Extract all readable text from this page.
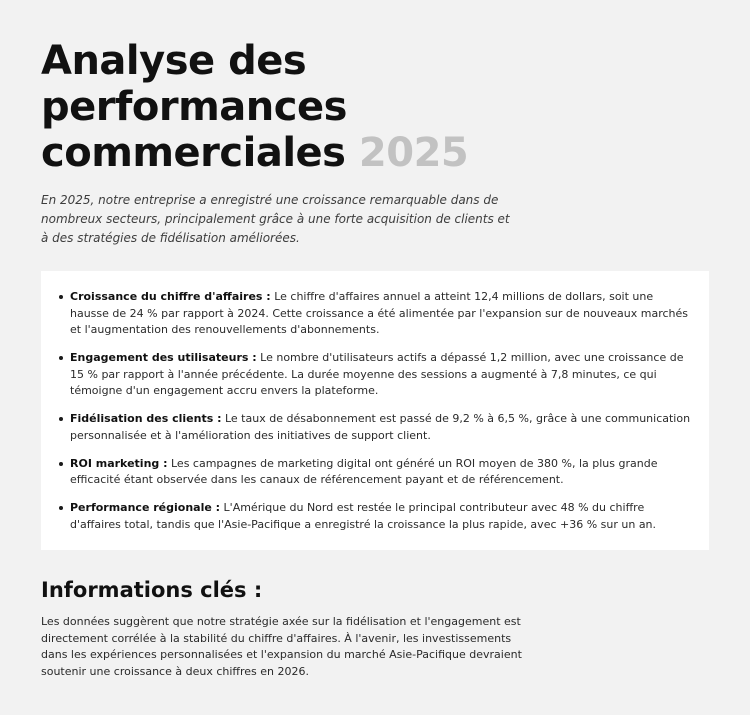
Analyse des performances commerciales 2025

En 2025, notre entreprise a enregistré une croissance remarquable dans de nombreux secteurs, principalement grâce à une forte acquisition de clients et à des stratégies de fidélisation améliorées.

Croissance du chiffre d'affaires : Le chiffre d'affaires annuel a atteint 12,4 millions de dollars, soit une hausse de 24 % par rapport à 2024. Cette croissance a été alimentée par l'expansion sur de nouveaux marchés et l'augmentation des renouvellements d'abonnements.
Engagement des utilisateurs : Le nombre d'utilisateurs actifs a dépassé 1,2 million, avec une croissance de 15 % par rapport à l'année précédente. La durée moyenne des sessions a augmenté à 7,8 minutes, ce qui témoigne d'un engagement accru envers la plateforme.
Fidélisation des clients : Le taux de désabonnement est passé de 9,2 % à 6,5 %, grâce à une communication personnalisée et à l'amélioration des initiatives de support client.
ROI marketing : Les campagnes de marketing digital ont généré un ROI moyen de 380 %, la plus grande efficacité étant observée dans les canaux de référencement payant et de référencement.
Performance régionale : L'Amérique du Nord est restée le principal contributeur avec 48 % du chiffre d'affaires total, tandis que l'Asie-Pacifique a enregistré la croissance la plus rapide, avec +36 % sur un an.
Informations clés :

Les données suggèrent que notre stratégie axée sur la fidélisation et l'engagement est directement corrélée à la stabilité du chiffre d'affaires. À l'avenir, les investissements dans les expériences personnalisées et l'expansion du marché Asie-Pacifique devraient soutenir une croissance à deux chiffres en 2026.
